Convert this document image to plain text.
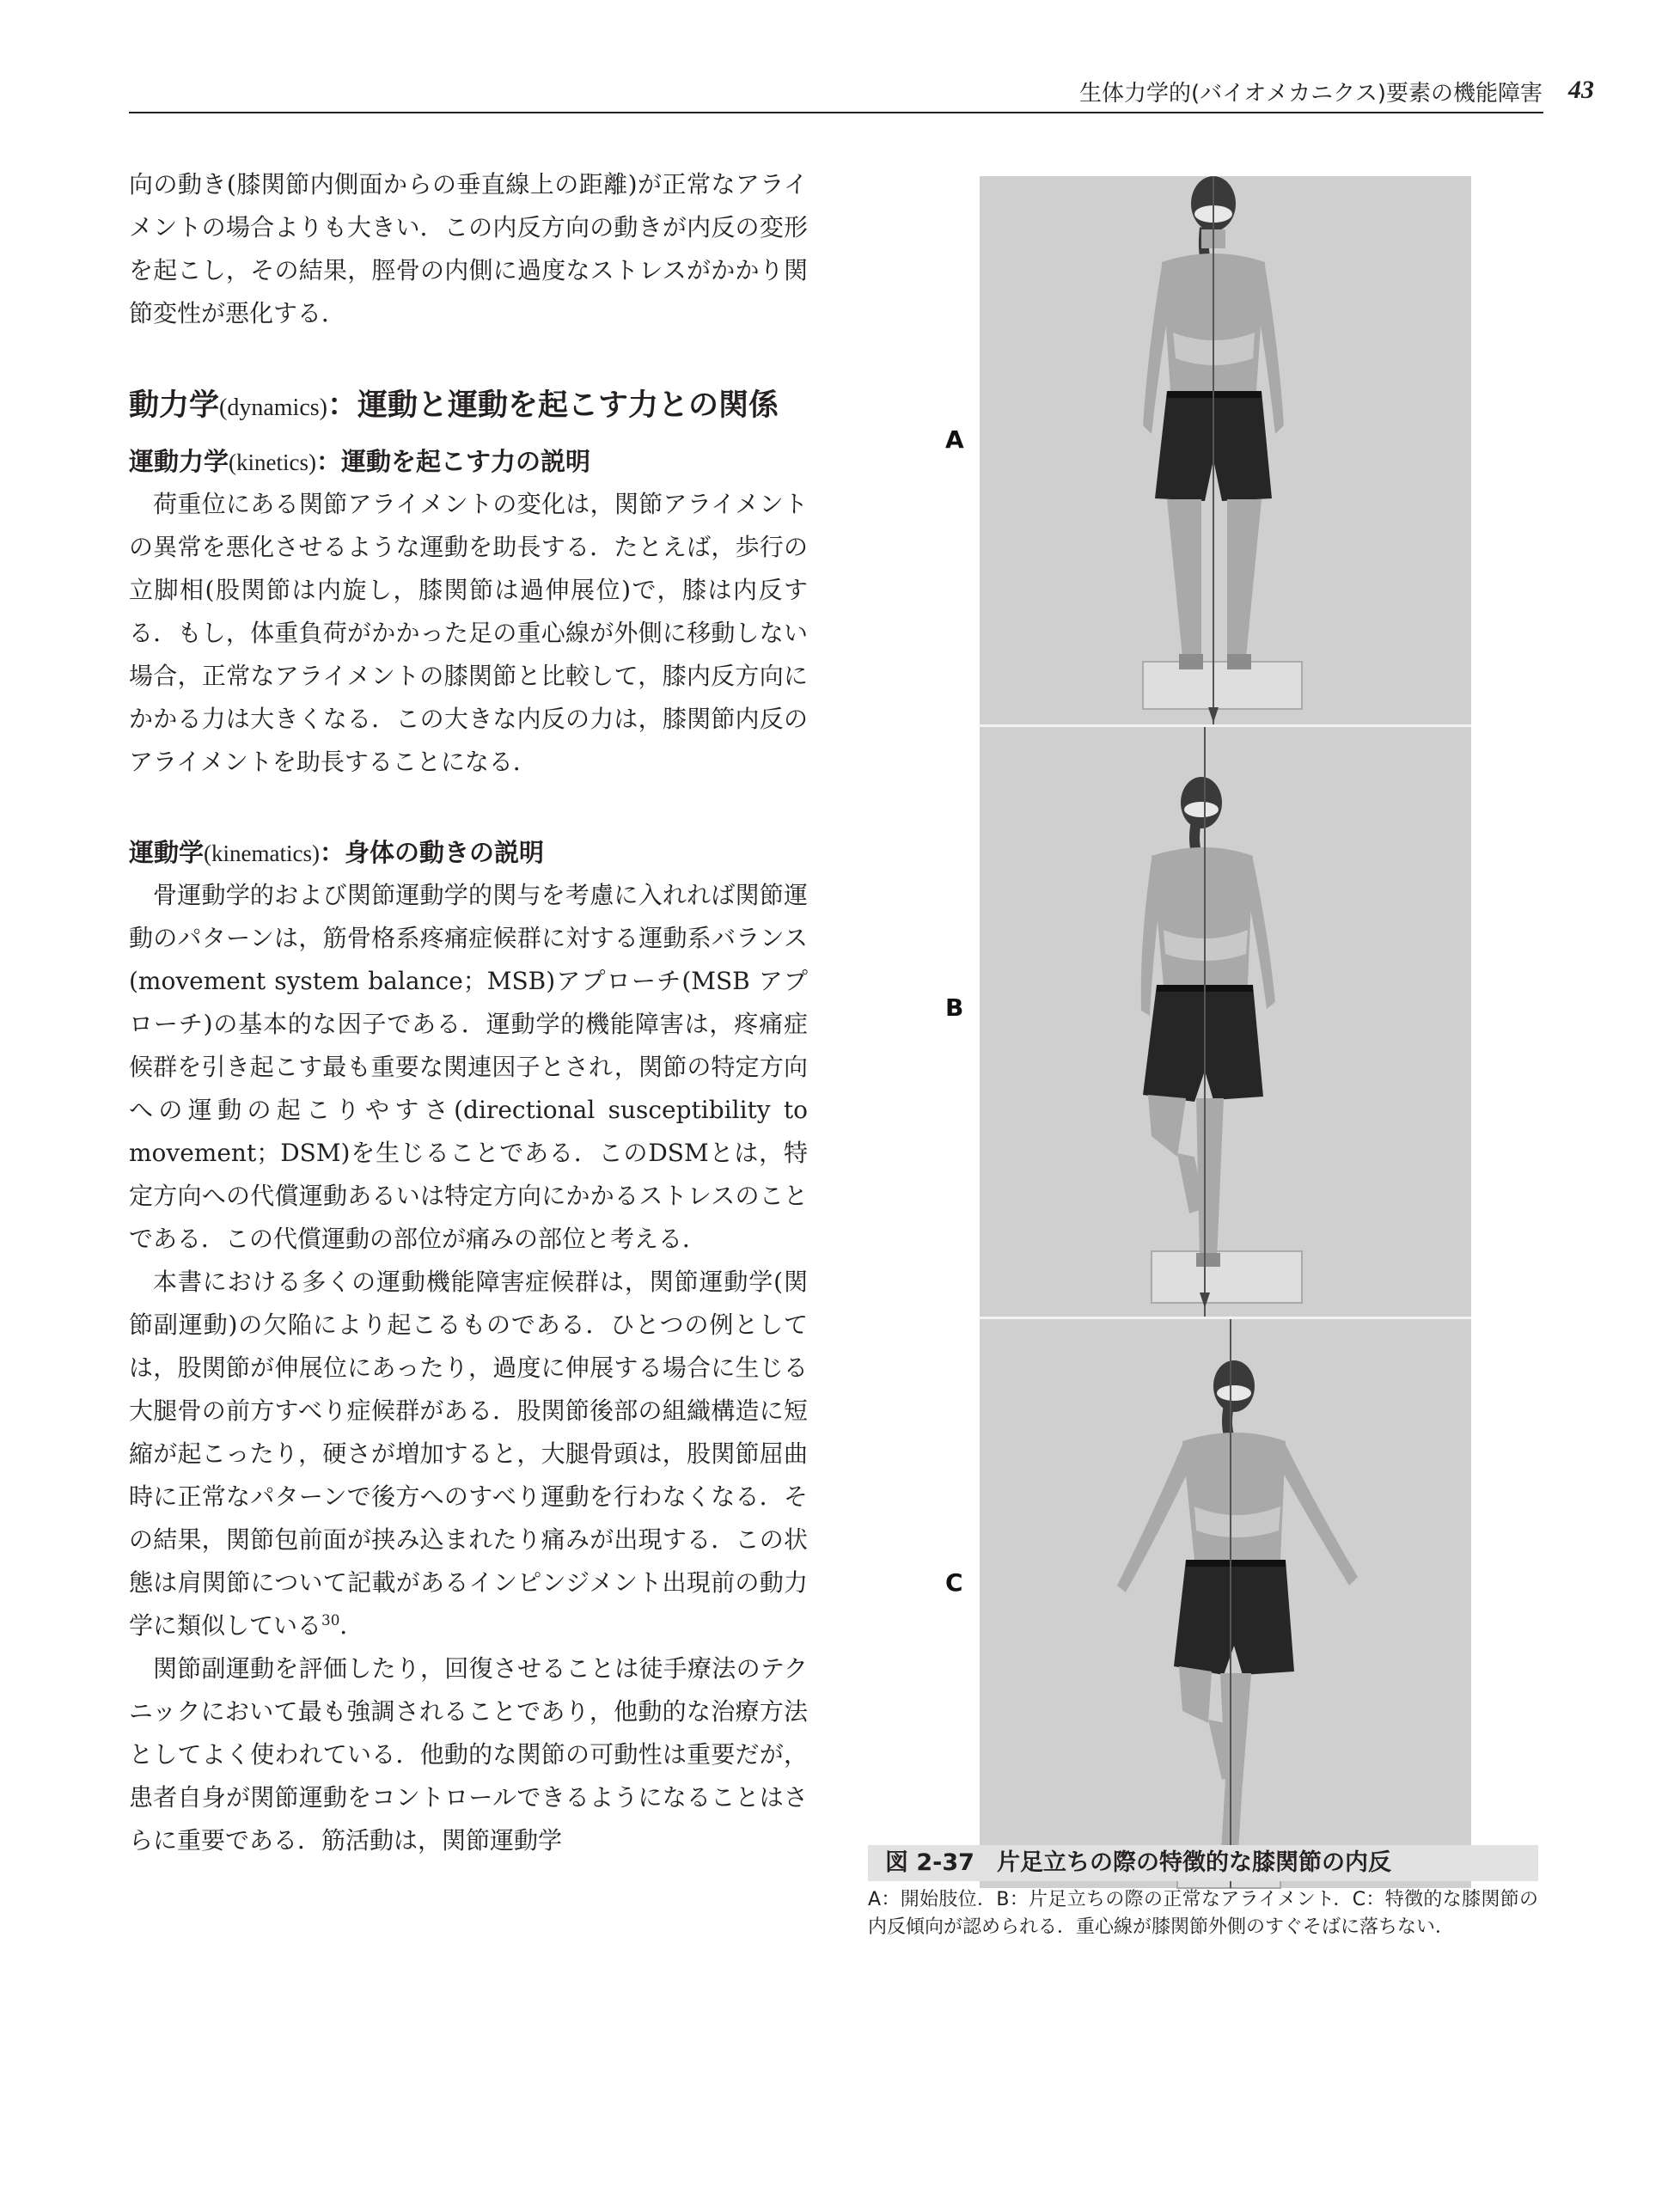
生体力学的(バイオメカニクス)要素の機能障害 43

向の動き(膝関節内側面からの垂直線上の距離)が正常なアライメントの場合よりも大きい．この内反方向の動きが内反の変形を起こし，その結果，脛骨の内側に過度なストレスがかかり関節変性が悪化する．

動力学(dynamics)：運動と運動を起こす力との関係
運動力学(kinetics)：運動を起こす力の説明

荷重位にある関節アライメントの変化は，関節アライメントの異常を悪化させるような運動を助長する．たとえば，歩行の立脚相(股関節は内旋し，膝関節は過伸展位)で，膝は内反する．もし，体重負荷がかかった足の重心線が外側に移動しない場合，正常なアライメントの膝関節と比較して，膝内反方向にかかる力は大きくなる．この大きな内反の力は，膝関節内反のアライメントを助長することになる．

運動学(kinematics)：身体の動きの説明

骨運動学的および関節運動学的関与を考慮に入れれば関節運動のパターンは，筋骨格系疼痛症候群に対する運動系バランス(movement system balance；MSB)アプローチ(MSB アプローチ)の基本的な因子である．運動学的機能障害は，疼痛症候群を引き起こす最も重要な関連因子とされ，関節の特定方向への運動の起こりやすさ(directional susceptibility to movement；DSM)を生じることである．このDSMとは，特定方向への代償運動あるいは特定方向にかかるストレスのことである．この代償運動の部位が痛みの部位と考える．

本書における多くの運動機能障害症候群は，関節運動学(関節副運動)の欠陥により起こるものである．ひとつの例としては，股関節が伸展位にあったり，過度に伸展する場合に生じる大腿骨の前方すべり症候群がある．股関節後部の組織構造に短縮が起こったり，硬さが増加すると，大腿骨頭は，股関節屈曲時に正常なパターンで後方へのすべり運動を行わなくなる．その結果，関節包前面が挟み込まれたり痛みが出現する．この状態は肩関節について記載があるインピンジメント出現前の動力学に類似している$^{30}$．

関節副運動を評価したり，回復させることは徒手療法のテクニックにおいて最も強調されることであり，他動的な治療方法としてよく使われている．他動的な関節の可動性は重要だが，患者自身が関節運動をコントロールできるようになることはさらに重要である．筋活動は，関節運動学

A
B
C
図 2-37 片足立ちの際の特徴的な膝関節の内反
A：開始肢位．B：片足立ちの際の正常なアライメント．C：特徴的な膝関節の内反傾向が認められる．重心線が膝関節外側のすぐそばに落ちない．
